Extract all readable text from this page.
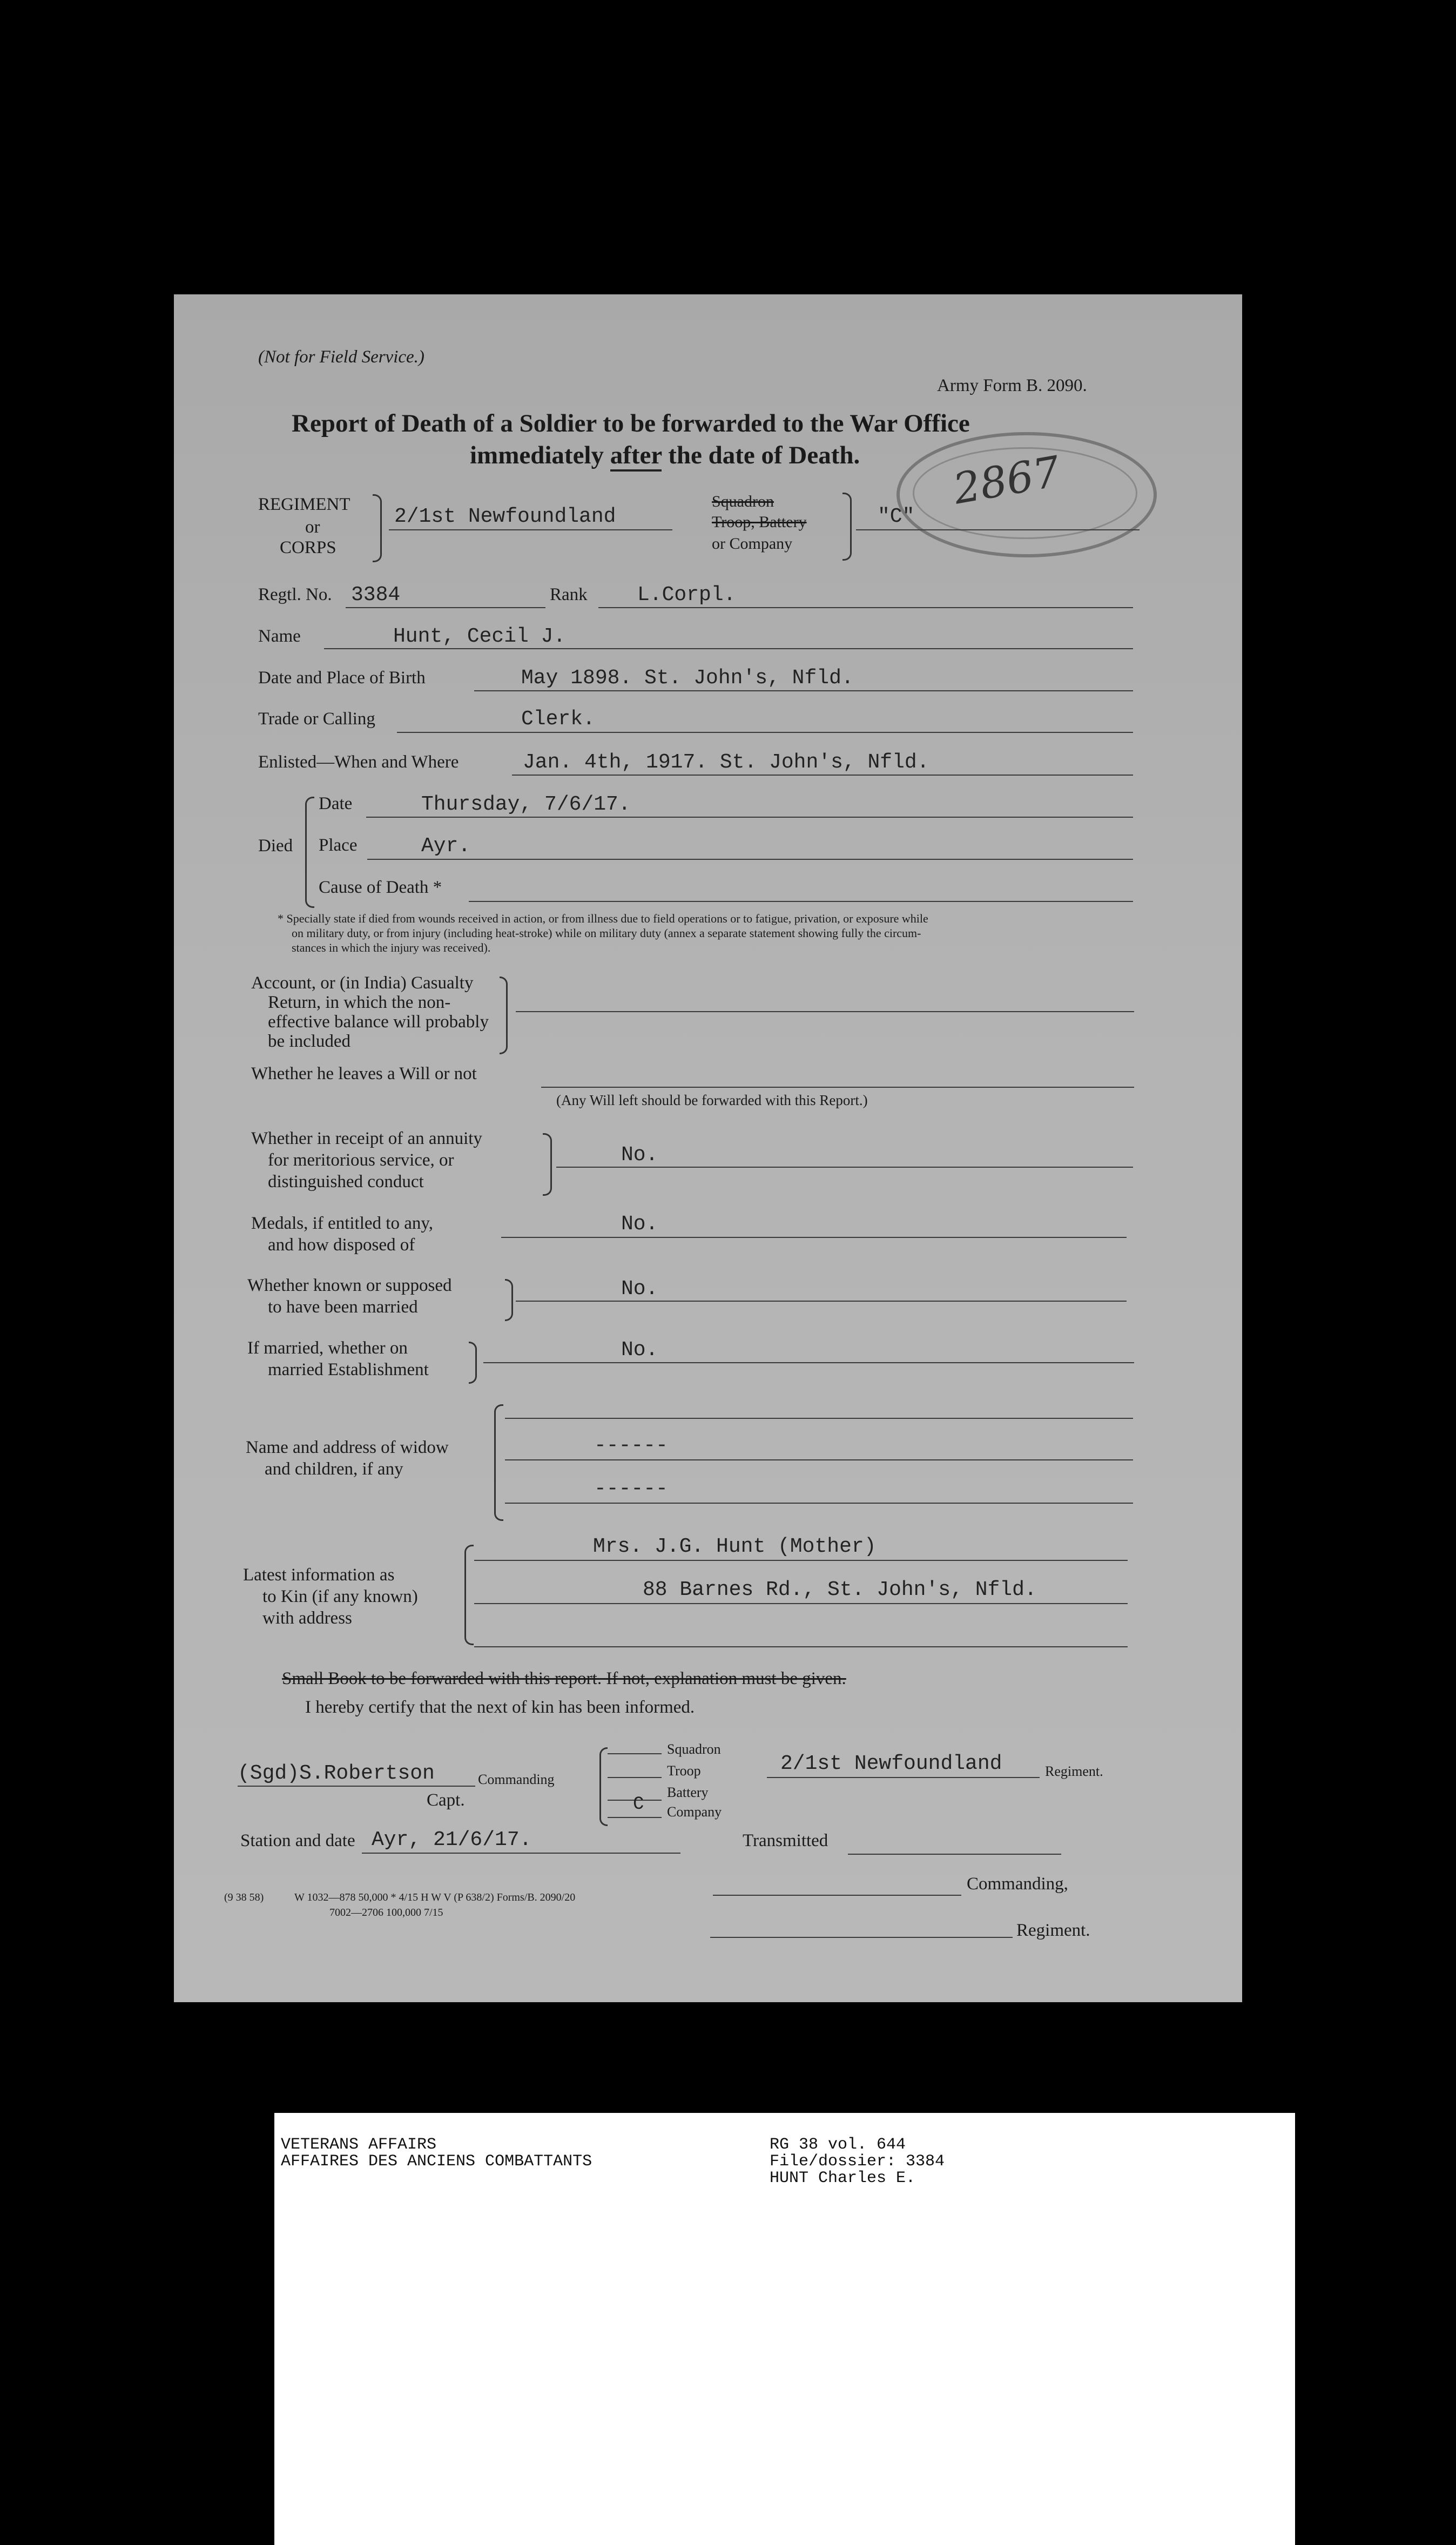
(Not for Field Service.)
Army Form B. 2090.
Report of Death of a Soldier to be forwarded to the War Office
immediately after the date of Death. 2867
REGIMENT
or
CORPS
2/1st Newfoundland
Squadron
Troop, Battery
or Company
"C"
Regtl. No. 3384	Rank L.Corpl.
Name	Hunt, Cecil J.
Date and Place of Birth	May 1898. St. John's, Nfld.
Trade or Calling	Clerk.
Enlisted—When and Where	Jan. 4th, 1917. St. John's, Nfld.
Died
Date	Thursday, 7/6/17.
Place	Ayr.
Cause of Death *
* Specially state if died from wounds received in action, or from illness due to field operations or to fatigue, privation, or exposure while
on military duty, or from injury (including heat-stroke) while on military duty (annex a separate statement showing fully the circum-
stances in which the injury was received).
Account, or (in India) Casualty
Return, in which the non-
effective balance will probably
be included
Whether he leaves a Will or not
(Any Will left should be forwarded with this Report.)
Whether in receipt of an annuity
for meritorious service, or
distinguished conduct
No.
Medals, if entitled to any,
and how disposed of
No.
Whether known or supposed
to have been married
No.
If married, whether on
married Establishment
No.
Name and address of widow
and children, if any
------
------
Latest information as
to Kin (if any known)
with address
Mrs. J.G. Hunt (Mother)
88 Barnes Rd., St. John's, Nfld.
Small Book to be forwarded with this report. If not, explanation must be given.
I hereby certify that the next of kin has been informed.
(Sgd)S.Robertson	Commanding
Capt.
Squadron
Troop
Battery
C Company
2/1st Newfoundland	Regiment.
Station and date Ayr, 21/6/17.	Transmitted
Commanding,
Regiment.
(9 38 58)	W 1032—878 50,000 * 4/15 H W V (P 638/2) Forms/B. 2090/20
7002—2706 100,000 7/15
VETERANS AFFAIRS
AFFAIRES DES ANCIENS COMBATTANTS
RG 38 vol. 644
File/dossier: 3384
HUNT Charles E.
